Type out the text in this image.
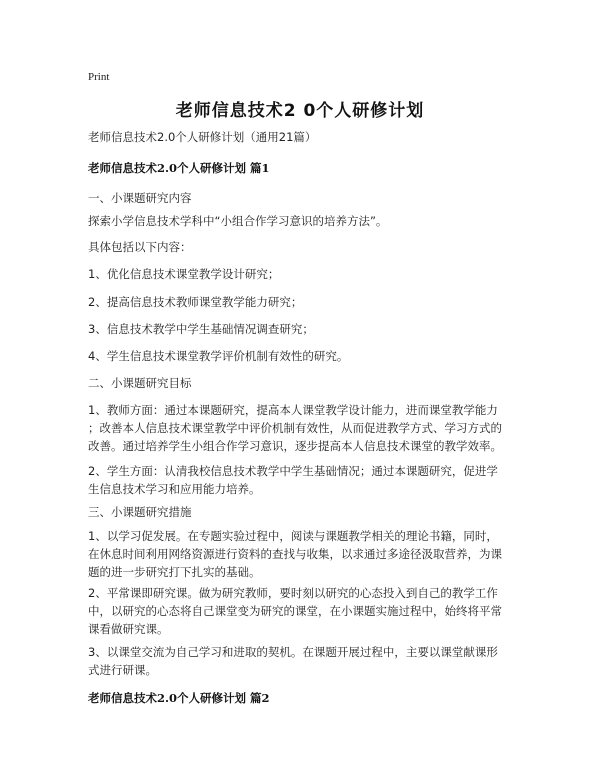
Print
老师信息技术2 0个人研修计划
老师信息技术2.0个人研修计划（通用21篇）
老师信息技术2.0个人研修计划 篇1
一、小课题研究内容
探索小学信息技术学科中“小组合作学习意识的培养方法”。
具体包括以下内容：
1、优化信息技术课堂教学设计研究；
2、提高信息技术教师课堂教学能力研究；
3、信息技术教学中学生基础情况调查研究；
4、学生信息技术课堂教学评价机制有效性的研究。
二、小课题研究目标
1、教师方面：通过本课题研究，提高本人课堂教学设计能力，进而课堂教学能力
；改善本人信息技术课堂教学中评价机制有效性，从而促进教学方式、学习方式的
改善。通过培养学生小组合作学习意识，逐步提高本人信息技术课堂的教学效率。
2、学生方面：认清我校信息技术教学中学生基础情况；通过本课题研究，促进学
生信息技术学习和应用能力培养。
三、小课题研究措施
1、以学习促发展。在专题实验过程中，阅读与课题教学相关的理论书籍，同时，
在休息时间利用网络资源进行资料的查找与收集，以求通过多途径汲取营养，为课
题的进一步研究打下扎实的基础。
2、平常课即研究课。做为研究教师，要时刻以研究的心态投入到自己的教学工作
中，以研究的心态将自己课堂变为研究的课堂，在小课题实施过程中，始终将平常
课看做研究课。
3、以课堂交流为自己学习和进取的契机。在课题开展过程中，主要以课堂献课形
式进行研课。
老师信息技术2.0个人研修计划 篇2
